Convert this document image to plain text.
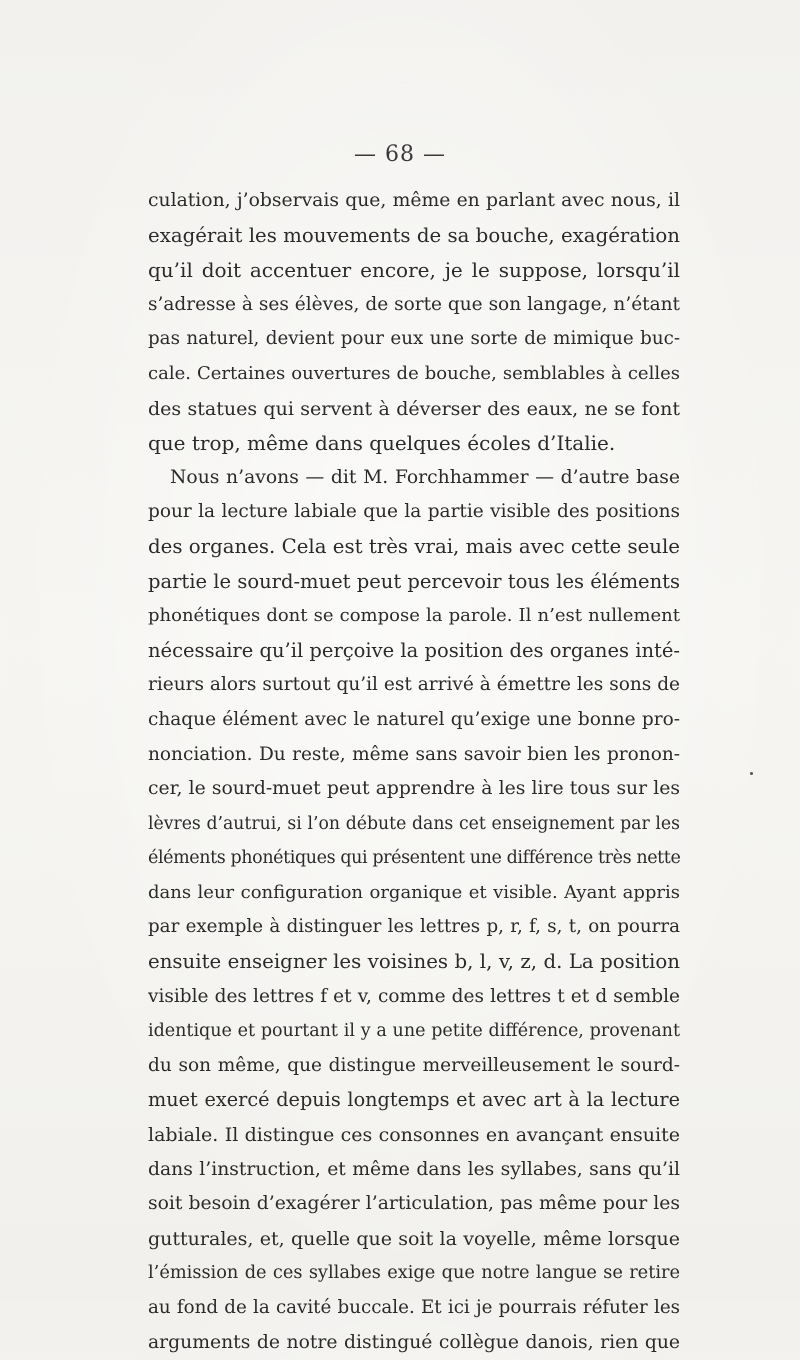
— 68 —
culation, j’observais que, même en parlant avec nous, il
exagérait les mouvements de sa bouche, exagération
qu’il doit accentuer encore, je le suppose, lorsqu’il
s’adresse à ses élèves, de sorte que son langage, n’étant
pas naturel, devient pour eux une sorte de mimique buc-
cale. Certaines ouvertures de bouche, semblables à celles
des statues qui servent à déverser des eaux, ne se font
que trop, même dans quelques écoles d’Italie.
Nous n’avons — dit M. Forchhammer — d’autre base
pour la lecture labiale que la partie visible des positions
des organes. Cela est très vrai, mais avec cette seule
partie le sourd-muet peut percevoir tous les éléments
phonétiques dont se compose la parole. Il n’est nullement
nécessaire qu’il perçoive la position des organes inté-
rieurs alors surtout qu’il est arrivé à émettre les sons de
chaque élément avec le naturel qu’exige une bonne pro-
nonciation. Du reste, même sans savoir bien les pronon-
cer, le sourd-muet peut apprendre à les lire tous sur les
lèvres d’autrui, si l’on débute dans cet enseignement par les
éléments phonétiques qui présentent une différence très nette
dans leur configuration organique et visible. Ayant appris
par exemple à distinguer les lettres p, r, f, s, t, on pourra
ensuite enseigner les voisines b, l, v, z, d. La position
visible des lettres f et v, comme des lettres t et d semble
identique et pourtant il y a une petite différence, provenant
du son même, que distingue merveilleusement le sourd-
muet exercé depuis longtemps et avec art à la lecture
labiale. Il distingue ces consonnes en avançant ensuite
dans l’instruction, et même dans les syllabes, sans qu’il
soit besoin d’exagérer l’articulation, pas même pour les
gutturales, et, quelle que soit la voyelle, même lorsque
l’émission de ces syllabes exige que notre langue se retire
au fond de la cavité buccale. Et ici je pourrais réfuter les
arguments de notre distingué collègue danois, rien que
